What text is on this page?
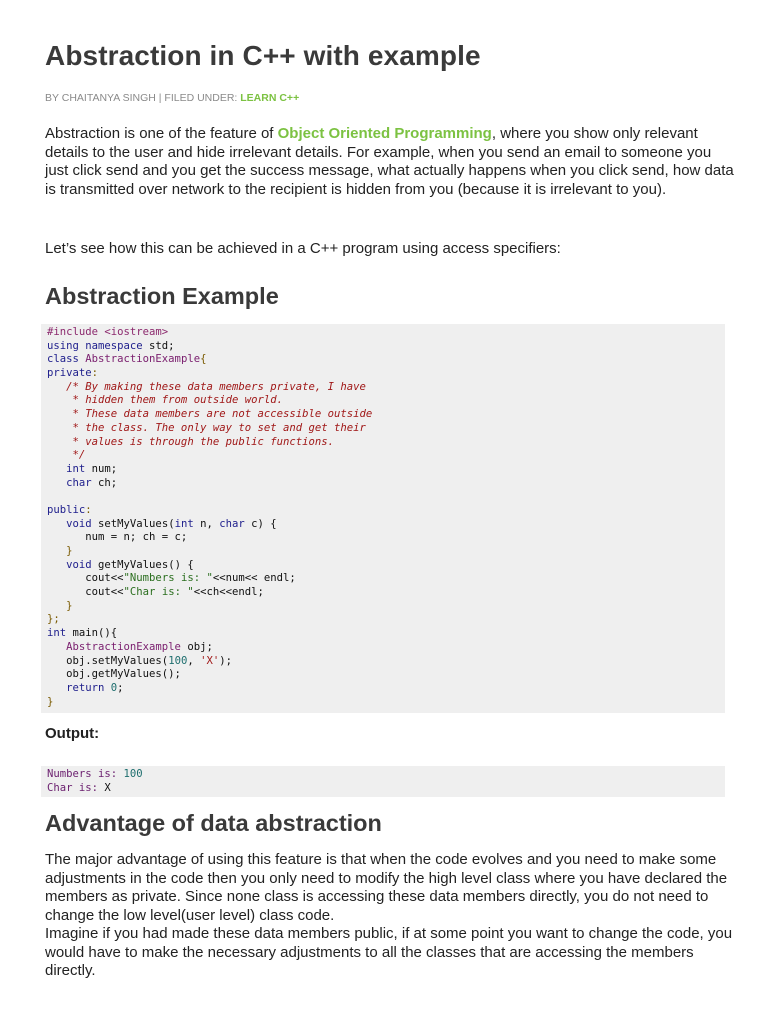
Abstraction in C++ with example
BY CHAITANYA SINGH | FILED UNDER: LEARN C++

Abstraction is one of the feature of Object Oriented Programming, where you show only relevant details to the user and hide irrelevant details. For example, when you send an email to someone you just click send and you get the success message, what actually happens when you click send, how data is transmitted over network to the recipient is hidden from you (because it is irrelevant to you).

Let’s see how this can be achieved in a C++ program using access specifiers:

Abstraction Example
#include <iostream>
using namespace std;
class AbstractionExample{
private:
/* By making these data members private, I have
* hidden them from outside world.
* These data members are not accessible outside
* the class. The only way to set and get their
* values is through the public functions.
*/
int num;
char ch;
public:
void setMyValues(int n, char c) {
num = n; ch = c;
}
void getMyValues() {
cout<<"Numbers is: "<<num<< endl;
cout<<"Char is: "<<ch<<endl;
}
};
int main(){
AbstractionExample obj;
obj.setMyValues(100, 'X');
obj.getMyValues();
return 0;
}

Output:

Numbers is: 100
Char is: X
Advantage of data abstraction

The major advantage of using this feature is that when the code evolves and you need to make some adjustments in the code then you only need to modify the high level class where you have declared the members as private. Since none class is accessing these data members directly, you do not need to change the low level(user level) class code.

Imagine if you had made these data members public, if at some point you want to change the code, you would have to make the necessary adjustments to all the classes that are accessing the members directly.
